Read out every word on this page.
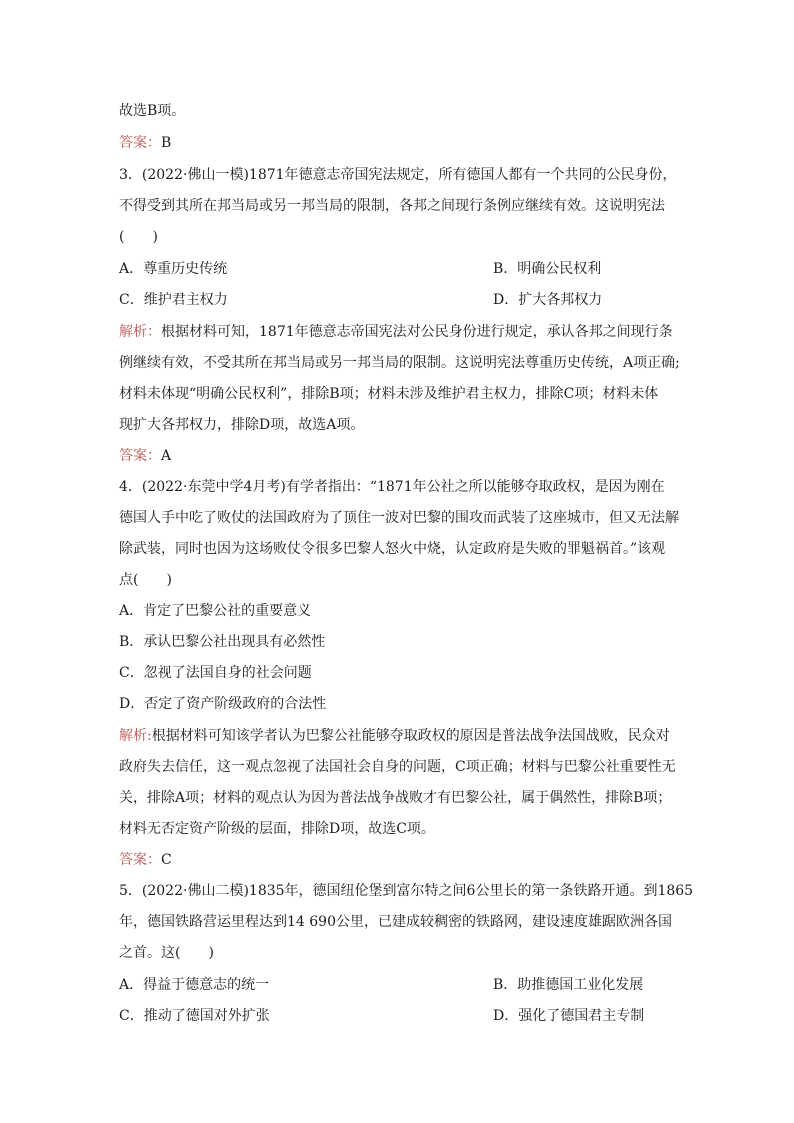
故选B项。
答案：B
3．(2022·佛山一模)1871年德意志帝国宪法规定，所有德国人都有一个共同的公民身份，
不得受到其所在邦当局或另一邦当局的限制，各邦之间现行条例应继续有效。这说明宪法
(　　)
A．尊重历史传统	B．明确公民权利
C．维护君主权力	D．扩大各邦权力
解析：根据材料可知，1871年德意志帝国宪法对公民身份进行规定，承认各邦之间现行条
例继续有效，不受其所在邦当局或另一邦当局的限制。这说明宪法尊重历史传统，A项正确;
材料未体现“明确公民权利”，排除B项；材料未涉及维护君主权力，排除C项；材料未体
现扩大各邦权力，排除D项，故选A项。
答案：A
4．(2022·东莞中学4月考)有学者指出：“1871年公社之所以能够夺取政权，是因为刚在
德国人手中吃了败仗的法国政府为了顶住一波对巴黎的围攻而武装了这座城市，但又无法解
除武装，同时也因为这场败仗令很多巴黎人怒火中烧，认定政府是失败的罪魁祸首。”该观
点(　　)
A．肯定了巴黎公社的重要意义
B．承认巴黎公社出现具有必然性
C．忽视了法国自身的社会问题
D．否定了资产阶级政府的合法性
解析:根据材料可知该学者认为巴黎公社能够夺取政权的原因是普法战争法国战败，民众对
政府失去信任，这一观点忽视了法国社会自身的问题，C项正确；材料与巴黎公社重要性无
关，排除A项；材料的观点认为因为普法战争战败才有巴黎公社，属于偶然性，排除B项；
材料无否定资产阶级的层面，排除D项，故选C项。
答案：C
5．(2022·佛山二模)1835年，德国纽伦堡到富尔特之间6公里长的第一条铁路开通。到1865
年，德国铁路营运里程达到14 690公里，已建成较稠密的铁路网，建设速度雄踞欧洲各国
之首。这(　　)
A．得益于德意志的统一	B．助推德国工业化发展
C．推动了德国对外扩张	D．强化了德国君主专制
